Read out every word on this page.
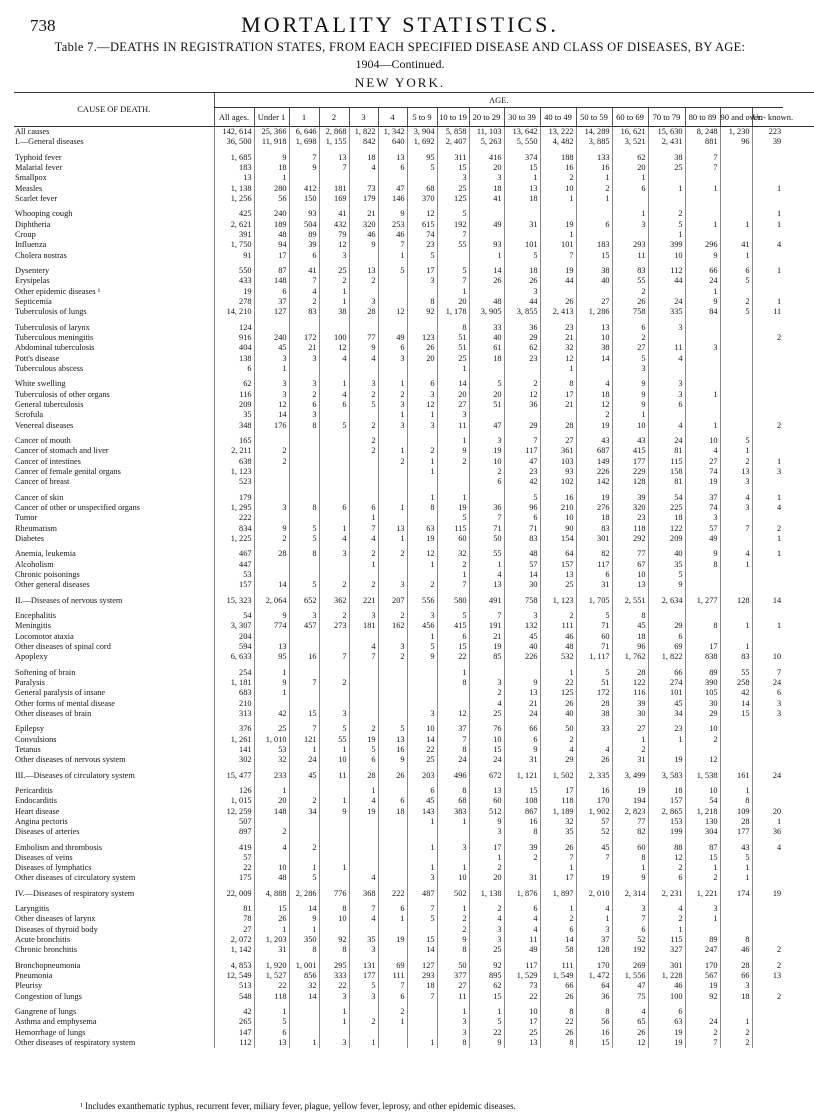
738	MORTALITY STATISTICS.
Table 7.—DEATHS IN REGISTRATION STATES, FROM EACH SPECIFIED DISEASE AND CLASS OF DISEASES, BY AGE:
1904—Continued.
NEW YORK.
CAUSE OF DEATH.	AGE.																	
	All ages.	Under 1	1	2	3	4	5 to 9	10 to 19	20 to 29	30 to 39	40 to 49	50 to 59	60 to 69	70 to 79	80 to 89	90 and over.	Un- known.	
All causes	142, 614	25, 366	6, 646	2, 868	1, 822	1, 342	3, 904	5, 858	11, 103	13, 642	13, 222	14, 289	16, 621	15, 630	8, 248	1, 230	223	
I.—General diseases	36, 500	11, 918	1, 698	1, 155	842	640	1, 692	2, 407	5, 263	5, 550	4, 482	3, 885	3, 521	2, 431	881	96	39	

Typhoid fever	1, 685	9	7	13	18	13	95	311	416	374	188	133	62	38	7			
Malarial fever	183	18	9	7	4	6	5	15	20	15	16	16	20	25	7			
Smallpox	13	1						3	3	1	2	1	1					
Measles	1, 138	280	412	181	73	47	68	25	18	13	10	2	6	1	1		1	
Scarlet fever	1, 256	56	150	169	179	146	370	125	41	18	1	1						

Whooping cough	425	240	93	41	21	9	12	5					1	2			1	
Diphtheria	2, 621	189	504	432	320	253	615	192	49	31	19	6	3	5	1	1	1	
Croup	391	48	89	79	46	46	74	7			1			1				
Influenza	1, 750	94	39	12	9	7	23	55	93	101	101	183	293	399	296	41	4	
Cholera nostras	91	17	6	3		1	5		1	5	7	15	11	10	9	1		

Dysentery	550	87	41	25	13	5	17	5	14	18	19	38	83	112	66	6	1	
Erysipelas	433	148	7	2	2		3	7	26	26	44	40	55	44	24	5		
Other epidemic diseases ¹	19	6	4	1				1		3			2		1			
Septicemia	278	37	2	1	3		8	20	48	44	26	27	26	24	9	2	1	
Tuberculosis of lungs	14, 210	127	83	38	28	12	92	1, 178	3, 905	3, 855	2, 413	1, 286	758	335	84	5	11	

Tuberculosis of larynx	124							8	33	36	23	13	6	3				
Tuberculous meningitis	916	240	172	100	77	49	123	51	40	29	21	10	2				2	
Abdominal tuberculosis	404	45	21	12	9	6	26	51	61	62	32	38	27	11	3			
Pott's disease	138	3	3	4	4	3	20	25	18	23	12	14	5	4				
Tuberculous abscess	6	1						1			1		3					

White swelling	62	3	3	1	3	1	6	14	5	2	8	4	9	3				
Tuberculosis of other organs	116	3	2	4	2	2	3	20	20	12	17	18	9	3	1			
General tuberculosis	209	12	6	6	5	3	12	27	51	36	21	12	9	6				
Scrofula	35	14	3			1	1	3				2	1					
Venereal diseases	348	176	8	5	2	3	3	11	47	29	28	19	10	4	1		2	

Cancer of mouth	165				2			1	3	7	27	43	43	24	10	5		
Cancer of stomach and liver	2, 211	2			2	1	2	9	19	117	361	687	415	81	4	1		
Cancer of intestines	638	2				2	1	2	10	47	103	149	177	115	27	2	1	
Cancer of female genital organs	1, 123						1		2	23	93	226	229	158	74	13	3	
Cancer of breast	523								6	42	102	142	128	81	19	3		

Cancer of skin	179						1	1		5	16	19	39	54	37	4	1	
Cancer of other or unspecified organs	1, 295	3	8	6	6	1	8	19	36	96	210	276	320	225	74	3	4	
Tumor	222				1			5	7	6	10	18	23	18	3			
Rheumatism	834	9	5	1	7	13	63	115	71	71	90	83	118	122	57	7	2	
Diabetes	1, 225	2	5	4	4	1	19	60	50	83	154	301	292	209	49		1	

Anemia, leukemia	467	28	8	3	2	2	12	32	55	48	64	82	77	40	9	4	1	
Alcoholism	447				1		1	2	1	57	157	117	67	35	8	1		
Chronic poisonings	53							1	4	14	13	6	10	5				
Other general diseases	157	14	5	2	2	3	2	7	13	30	25	31	13	9				

II.—Diseases of nervous system	15, 323	2, 064	652	362	221	207	556	580	491	758	1, 123	1, 705	2, 551	2, 634	1, 277	128	14	

Encephalitis	54	9	3	2	3	2	3	5	7	3	2	5	8					
Meningitis	3, 307	774	457	273	181	162	456	415	191	132	111	71	45	29	8	1	1	
Locomotor ataxia	204						1	6	21	45	46	60	18	6				
Other diseases of spinal cord	594	13			4	3	5	15	19	40	48	71	96	69	17	1		
Apoplexy	6, 633	95	16	7	7	2	9	22	85	226	532	1, 117	1, 762	1, 822	838	83	10	

Softening of brain	254	1						1			1	5	28	66	89	55	7	
Paralysis	1, 181	9	7	2				8	3	9	22	51	122	274	390	258	24	
General paralysis of insane	683	1							2	13	125	172	116	101	105	42	6	
Other forms of mental disease	210								4	21	26	28	39	45	30	14	3	
Other diseases of brain	313	42	15	3			3	12	25	24	40	38	30	34	29	15	3	

Epilepsy	376	25	7	5	2	5	10	37	76	66	50	33	27	23	10			
Convulsions	1, 261	1, 010	121	55	19	13	14	7	10	6	2		1	1	2			
Tetanus	141	53	1	1	5	16	22	8	15	9	4	4	2					
Other diseases of nervous system	302	32	24	10	6	9	25	24	24	31	29	26	31	19	12			

III.—Diseases of circulatory system	15, 477	233	45	11	28	26	203	496	672	1, 121	1, 502	2, 335	3, 499	3, 583	1, 538	161	24	

Pericarditis	126	1			1		6	8	13	15	17	16	19	18	10	1		
Endocarditis	1, 015	20	2	1	4	6	45	68	60	108	118	170	194	157	54	8		
Heart disease	12, 259	148	34	9	19	18	143	383	512	867	1, 189	1, 902	2, 823	2, 865	1, 218	109	20	
Angina pectoris	507						1	1	9	16	32	57	77	153	130	28	1	
Diseases of arteries	897	2							3	8	35	52	82	199	304	177	36	

Embolism and thrombosis	419	4	2				1	3	17	39	26	45	60	88	87	43	4	
Diseases of veins	57								1	2	7	7	8	12	15	5		
Diseases of lymphatics	22	10	1	1			1	1	2		1		1	2	1	1		
Other diseases of circulatory system	175	48	5		4		3	10	20	31	17	19	9	6	2	1		

IV.—Diseases of respiratory system	22, 009	4, 888	2, 286	776	368	222	487	502	1, 138	1, 876	1, 897	2, 010	2, 314	2, 231	1, 221	174	19	

Laryngitis	81	15	14	8	7	6	7	1	2	6	1	4	3	4	3			
Other diseases of larynx	78	26	9	10	4	1	5	2	4	4	2	1	7	2	1			
Diseases of thyroid body	27	1	1					2	3	4	6	3	6	1				
Acute bronchitis	2, 072	1, 203	350	92	35	19	15	9	3	11	14	37	52	115	89	8		
Chronic bronchitis	1, 142	31	8	8	3		14	8	25	49	58	128	192	327	247	46	2	

Bronchopneumonia	4, 853	1, 920	1, 001	295	131	69	127	50	92	117	111	170	269	301	170	28	2	
Pneumonia	12, 549	1, 527	856	333	177	111	293	377	895	1, 529	1, 549	1, 472	1, 556	1, 228	567	66	13	
Pleurisy	513	22	32	22	5	7	18	27	62	73	66	64	47	46	19	3		
Congestion of lungs	548	118	14	3	3	6	7	11	15	22	26	36	75	100	92	18	2	

Gangrene of lungs	42	1		1		2		1	1	10	8	8	4	6				
Asthma and emphysema	265	5		1	2	1		3	5	17	22	56	65	63	24	1		
Hemorrhage of lungs	147	6						3	22	25	26	16	26	19	2	2		
Other diseases of respiratory system	112	13	1	3	1		1	8	9	13	8	15	12	19	7	2		
¹ Includes exanthematic typhus, recurrent fever, miliary fever, plague, yellow fever, leprosy, and other epidemic diseases.
